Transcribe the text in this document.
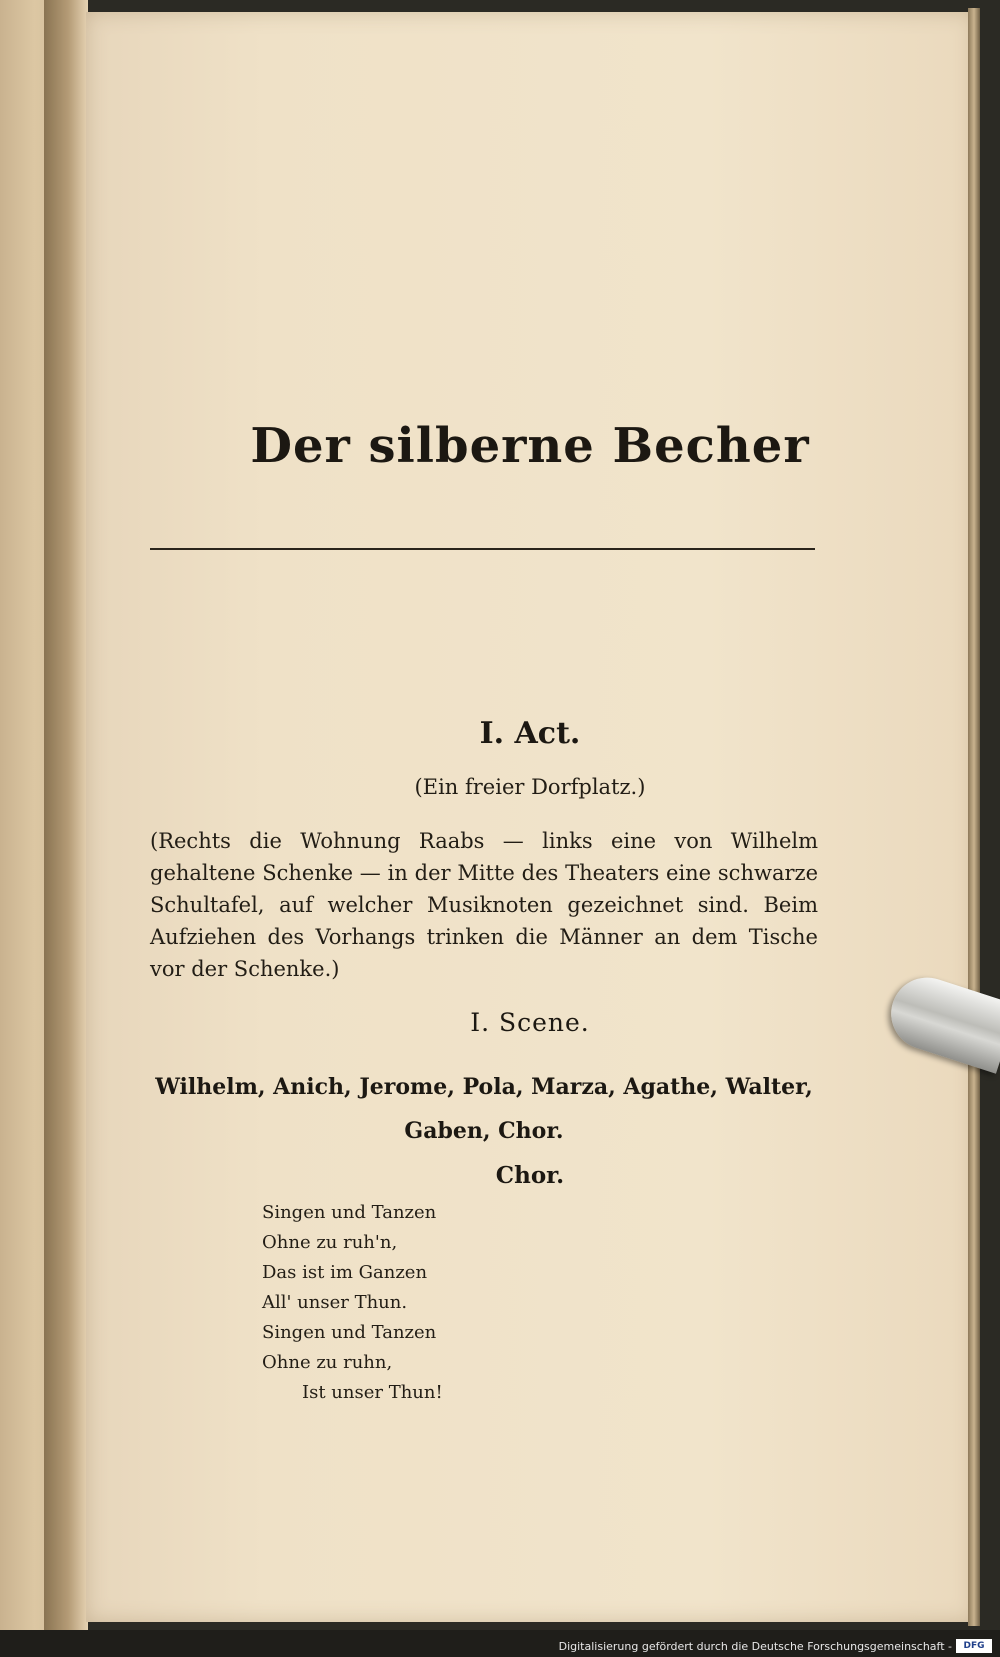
Der silberne Becher
I. Act.
(Ein freier Dorfplatz.)
(Rechts die Wohnung Raabs — links eine von Wilhelm gehaltene Schenke — in der Mitte des Theaters eine schwarze Schultafel, auf welcher Musiknoten gezeichnet sind. Beim Aufziehen des Vorhangs trinken die Männer an dem Tische vor der Schenke.)
I. Scene.
Wilhelm, Anich, Jerome, Pola, Marza, Agathe, Walter,
Gaben, Chor.
Chor.
Singen und Tanzen
Ohne zu ruh'n,
Das ist im Ganzen
All' unser Thun.
Singen und Tanzen
Ohne zu ruhn,
Ist unser Thun!
Digitalisierung gefördert durch die Deutsche Forschungsgemeinschaft -	DFG
